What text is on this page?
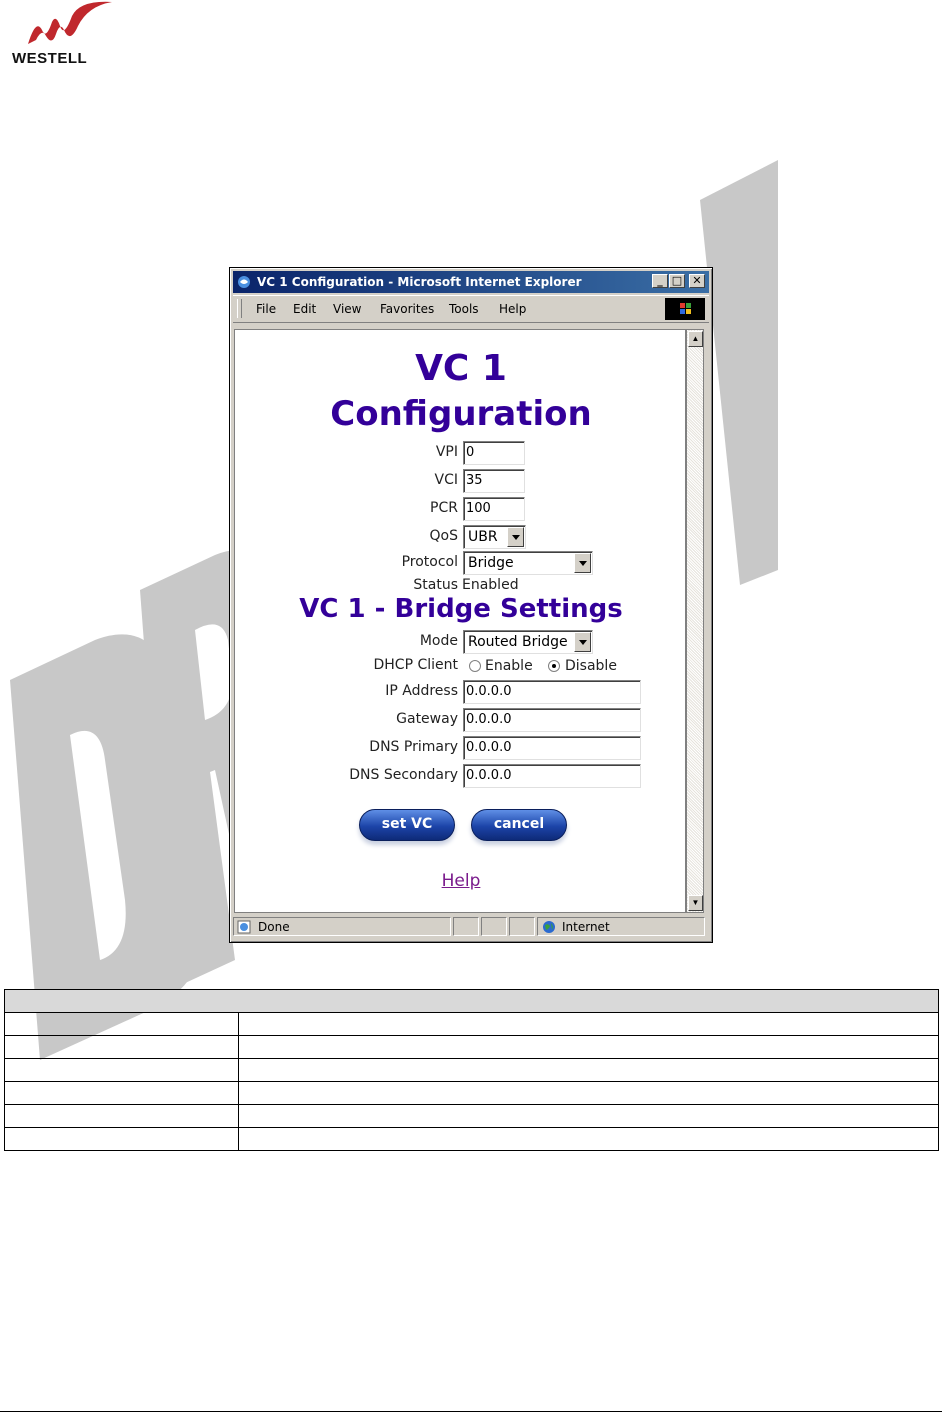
WESTELL
VC 1 Configuration - Microsoft Internet Explorer	_ □ ✕
File Edit View Favorites Tools Help
VC 1
Configuration
VPI 0
VCI 35
PCR 100
QoS UBR
Protocol Bridge
Status Enabled
VC 1 - Bridge Settings
Mode Routed Bridge
DHCP Client Enable Disable
IP Address 0.0.0.0
Gateway 0.0.0.0
DNS Primary 0.0.0.0
DNS Secondary 0.0.0.0
set VC	cancel
Help
▲
▼
Done	Internet
